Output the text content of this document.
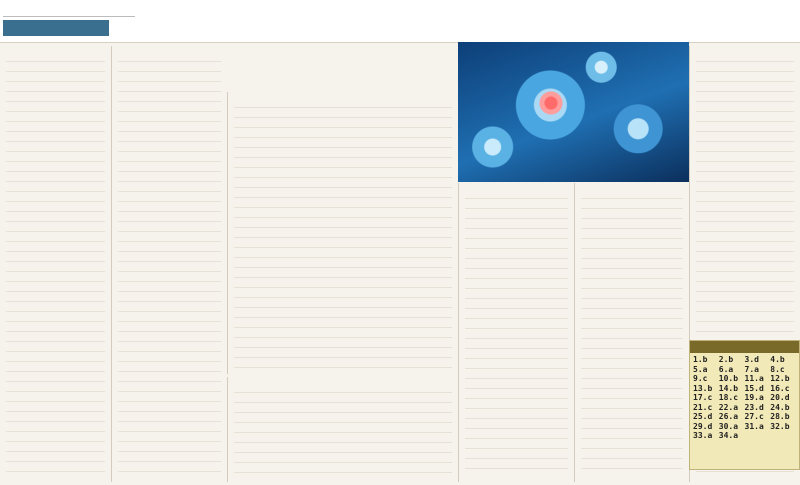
1.b	2.b	3.d	4.b
5.a	6.a	7.a	8.c
9.c	10.b 11.a 12.b
13.b 14.b 15.d 16.c
17.c 18.c 19.a 20.d
21.c 22.a 23.d 24.b
25.d 26.a 27.c 28.b
29.d 30.a 31.a 32.b
33.a 34.a
